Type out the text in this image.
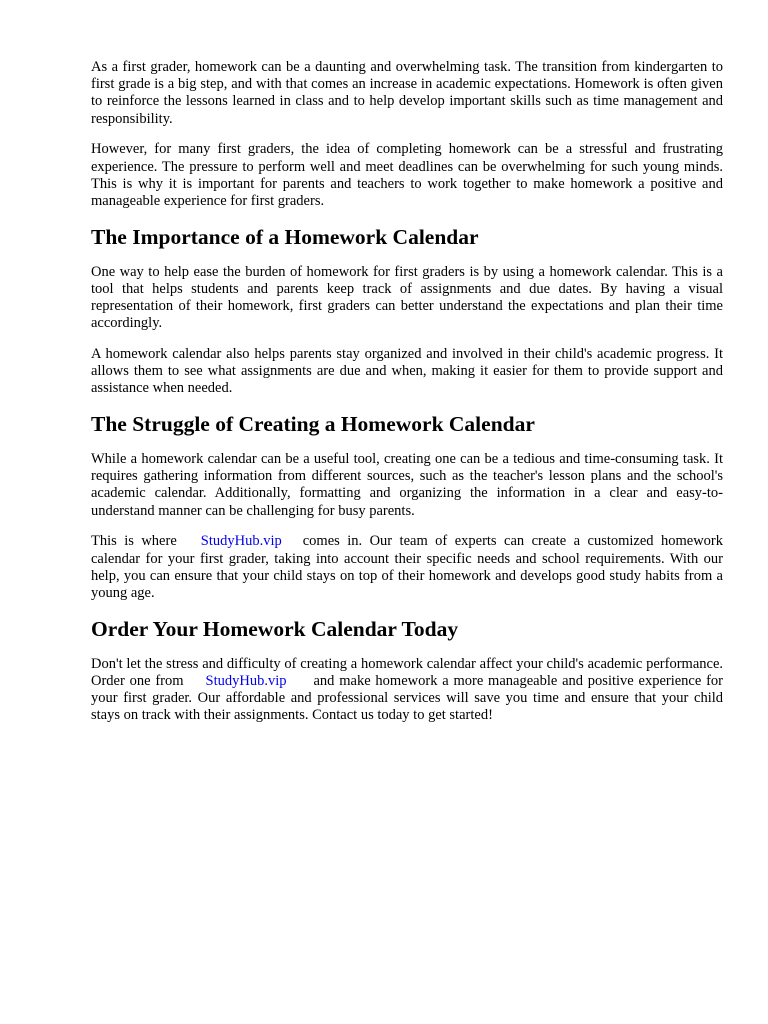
As a first grader, homework can be a daunting and overwhelming task. The transition from kindergarten to first grade is a big step, and with that comes an increase in academic expectations. Homework is often given to reinforce the lessons learned in class and to help develop important skills such as time management and responsibility.

However, for many first graders, the idea of completing homework can be a stressful and frustrating experience. The pressure to perform well and meet deadlines can be overwhelming for such young minds. This is why it is important for parents and teachers to work together to make homework a positive and manageable experience for first graders.

The Importance of a Homework Calendar

One way to help ease the burden of homework for first graders is by using a homework calendar. This is a tool that helps students and parents keep track of assignments and due dates. By having a visual representation of their homework, first graders can better understand the expectations and plan their time accordingly.

A homework calendar also helps parents stay organized and involved in their child's academic progress. It allows them to see what assignments are due and when, making it easier for them to provide support and assistance when needed.

The Struggle of Creating a Homework Calendar

While a homework calendar can be a useful tool, creating one can be a tedious and time-consuming task. It requires gathering information from different sources, such as the teacher's lesson plans and the school's academic calendar. Additionally, formatting and organizing the information in a clear and easy-to-understand manner can be challenging for busy parents.

This is where StudyHub.vip comes in. Our team of experts can create a customized homework calendar for your first grader, taking into account their specific needs and school requirements. With our help, you can ensure that your child stays on top of their homework and develops good study habits from a young age.

Order Your Homework Calendar Today

Don't let the stress and difficulty of creating a homework calendar affect your child's academic performance. Order one from StudyHub.vip and make homework a more manageable and positive experience for your first grader. Our affordable and professional services will save you time and ensure that your child stays on track with their assignments. Contact us today to get started!
